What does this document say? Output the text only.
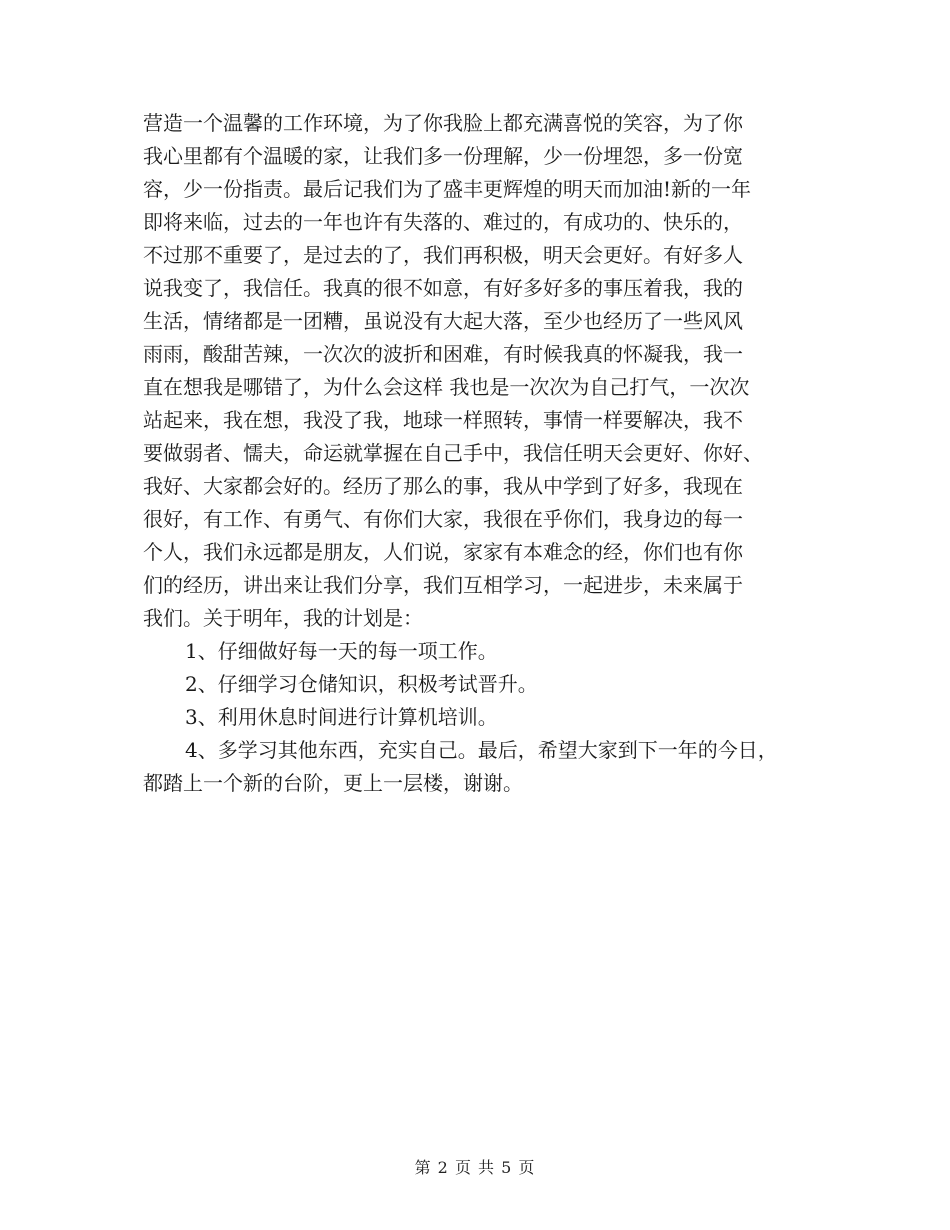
营造一个温馨的工作环境，为了你我脸上都充满喜悦的笑容，为了你
我心里都有个温暖的家，让我们多一份理解，少一份埋怨，多一份宽
容，少一份指责。最后记我们为了盛丰更辉煌的明天而加油!新的一年
即将来临，过去的一年也许有失落的、难过的，有成功的、快乐的，
不过那不重要了，是过去的了，我们再积极，明天会更好。有好多人
说我变了，我信任。我真的很不如意，有好多好多的事压着我，我的
生活，情绪都是一团糟，虽说没有大起大落，至少也经历了一些风风
雨雨，酸甜苦辣，一次次的波折和困难，有时候我真的怀凝我，我一
直在想我是哪错了，为什么会这样 我也是一次次为自己打气，一次次
站起来，我在想，我没了我，地球一样照转，事情一样要解决，我不
要做弱者、懦夫，命运就掌握在自己手中，我信任明天会更好、你好、
我好、大家都会好的。经历了那么的事，我从中学到了好多，我现在
很好，有工作、有勇气、有你们大家，我很在乎你们，我身边的每一
个人，我们永远都是朋友，人们说，家家有本难念的经，你们也有你
们的经历，讲出来让我们分享，我们互相学习，一起进步，未来属于
我们。关于明年，我的计划是：
1、仔细做好每一天的每一项工作。
2、仔细学习仓储知识，积极考试晋升。
3、利用休息时间进行计算机培训。
4、多学习其他东西，充实自己。最后，希望大家到下一年的今日，
都踏上一个新的台阶，更上一层楼，谢谢。
第 2 页 共 5 页
